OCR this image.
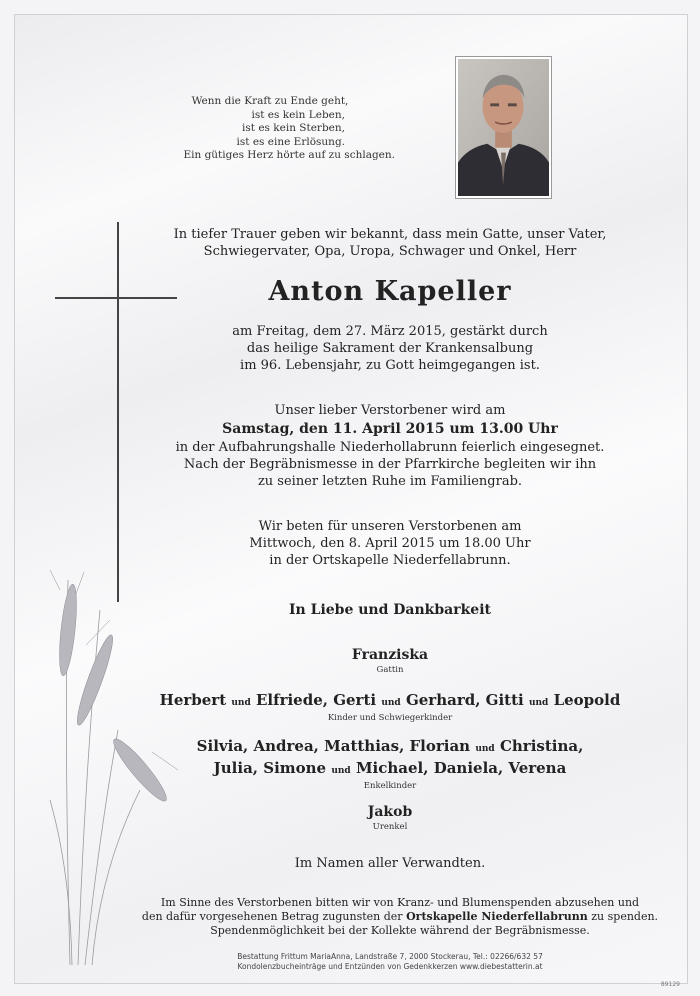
Wenn die Kraft zu Ende geht,
ist es kein Leben,
ist es kein Sterben,
ist es eine Erlösung.
Ein gütiges Herz hörte auf zu schlagen.
In tiefer Trauer geben wir bekannt, dass mein Gatte, unser Vater,
Schwiegervater, Opa, Uropa, Schwager und Onkel, Herr
Anton Kapeller
am Freitag, dem 27. März 2015, gestärkt durch
das heilige Sakrament der Krankensalbung
im 96. Lebensjahr, zu Gott heimgegangen ist.
Unser lieber Verstorbener wird am
Samstag, den 11. April 2015 um 13.00 Uhr
in der Aufbahrungshalle Niederhollabrunn feierlich eingesegnet.
Nach der Begräbnismesse in der Pfarrkirche begleiten wir ihn
zu seiner letzten Ruhe im Familiengrab.
Wir beten für unseren Verstorbenen am
Mittwoch, den 8. April 2015 um 18.00 Uhr
in der Ortskapelle Niederfellabrunn.
In Liebe und Dankbarkeit
Franziska
Gattin
Herbert und Elfriede, Gerti und Gerhard, Gitti und Leopold
Kinder und Schwiegerkinder
Silvia, Andrea, Matthias, Florian und Christina,
Julia, Simone und Michael, Daniela, Verena
Enkelkinder
Jakob
Urenkel
Im Namen aller Verwandten.
Im Sinne des Verstorbenen bitten wir von Kranz- und Blumenspenden abzusehen und
den dafür vorgesehenen Betrag zugunsten der Ortskapelle Niederfellabrunn zu spenden.
Spendenmöglichkeit bei der Kollekte während der Begräbnismesse.
Bestattung Frittum MariaAnna, Landstraße 7, 2000 Stockerau, Tel.: 02266/632 57
Kondolenzbucheinträge und Entzünden von Gedenkkerzen www.diebestatterin.at
89129
